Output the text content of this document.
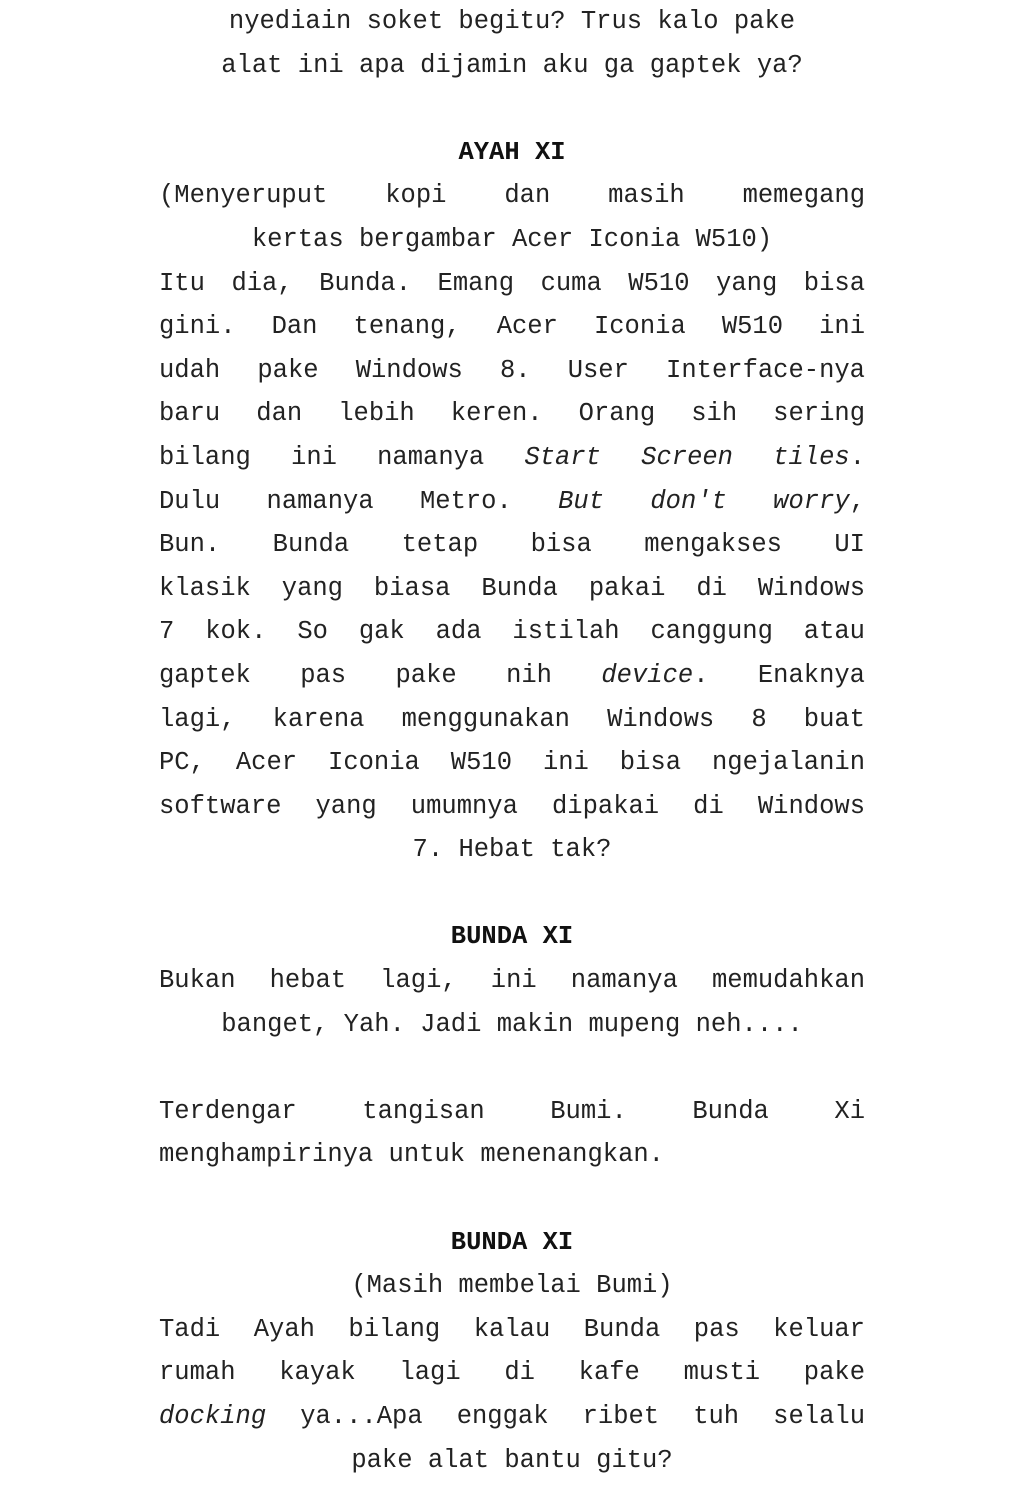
nyediain soket begitu? Trus kalo pake
alat ini apa dijamin aku ga gaptek ya?
AYAH XI
(Menyeruput kopi dan masih memegang
kertas bergambar Acer Iconia W510)
Itu dia, Bunda. Emang cuma W510 yang bisa
gini. Dan tenang, Acer Iconia W510 ini
udah pake Windows 8. User Interface-nya
baru dan lebih keren. Orang sih sering
bilang ini namanya Start Screen tiles.
Dulu namanya Metro. But don't worry,
Bun. Bunda tetap bisa mengakses UI
klasik yang biasa Bunda pakai di Windows
7 kok. So gak ada istilah canggung atau
gaptek pas pake nih device. Enaknya
lagi, karena menggunakan Windows 8 buat
PC, Acer Iconia W510 ini bisa ngejalanin
software yang umumnya dipakai di Windows
7. Hebat tak?
BUNDA XI
Bukan hebat lagi, ini namanya memudahkan
banget, Yah. Jadi makin mupeng neh....
Terdengar tangisan Bumi. Bunda Xi
menghampirinya untuk menenangkan.
BUNDA XI
(Masih membelai Bumi)
Tadi Ayah bilang kalau Bunda pas keluar
rumah kayak lagi di kafe musti pake
docking ya...Apa enggak ribet tuh selalu
pake alat bantu gitu?
